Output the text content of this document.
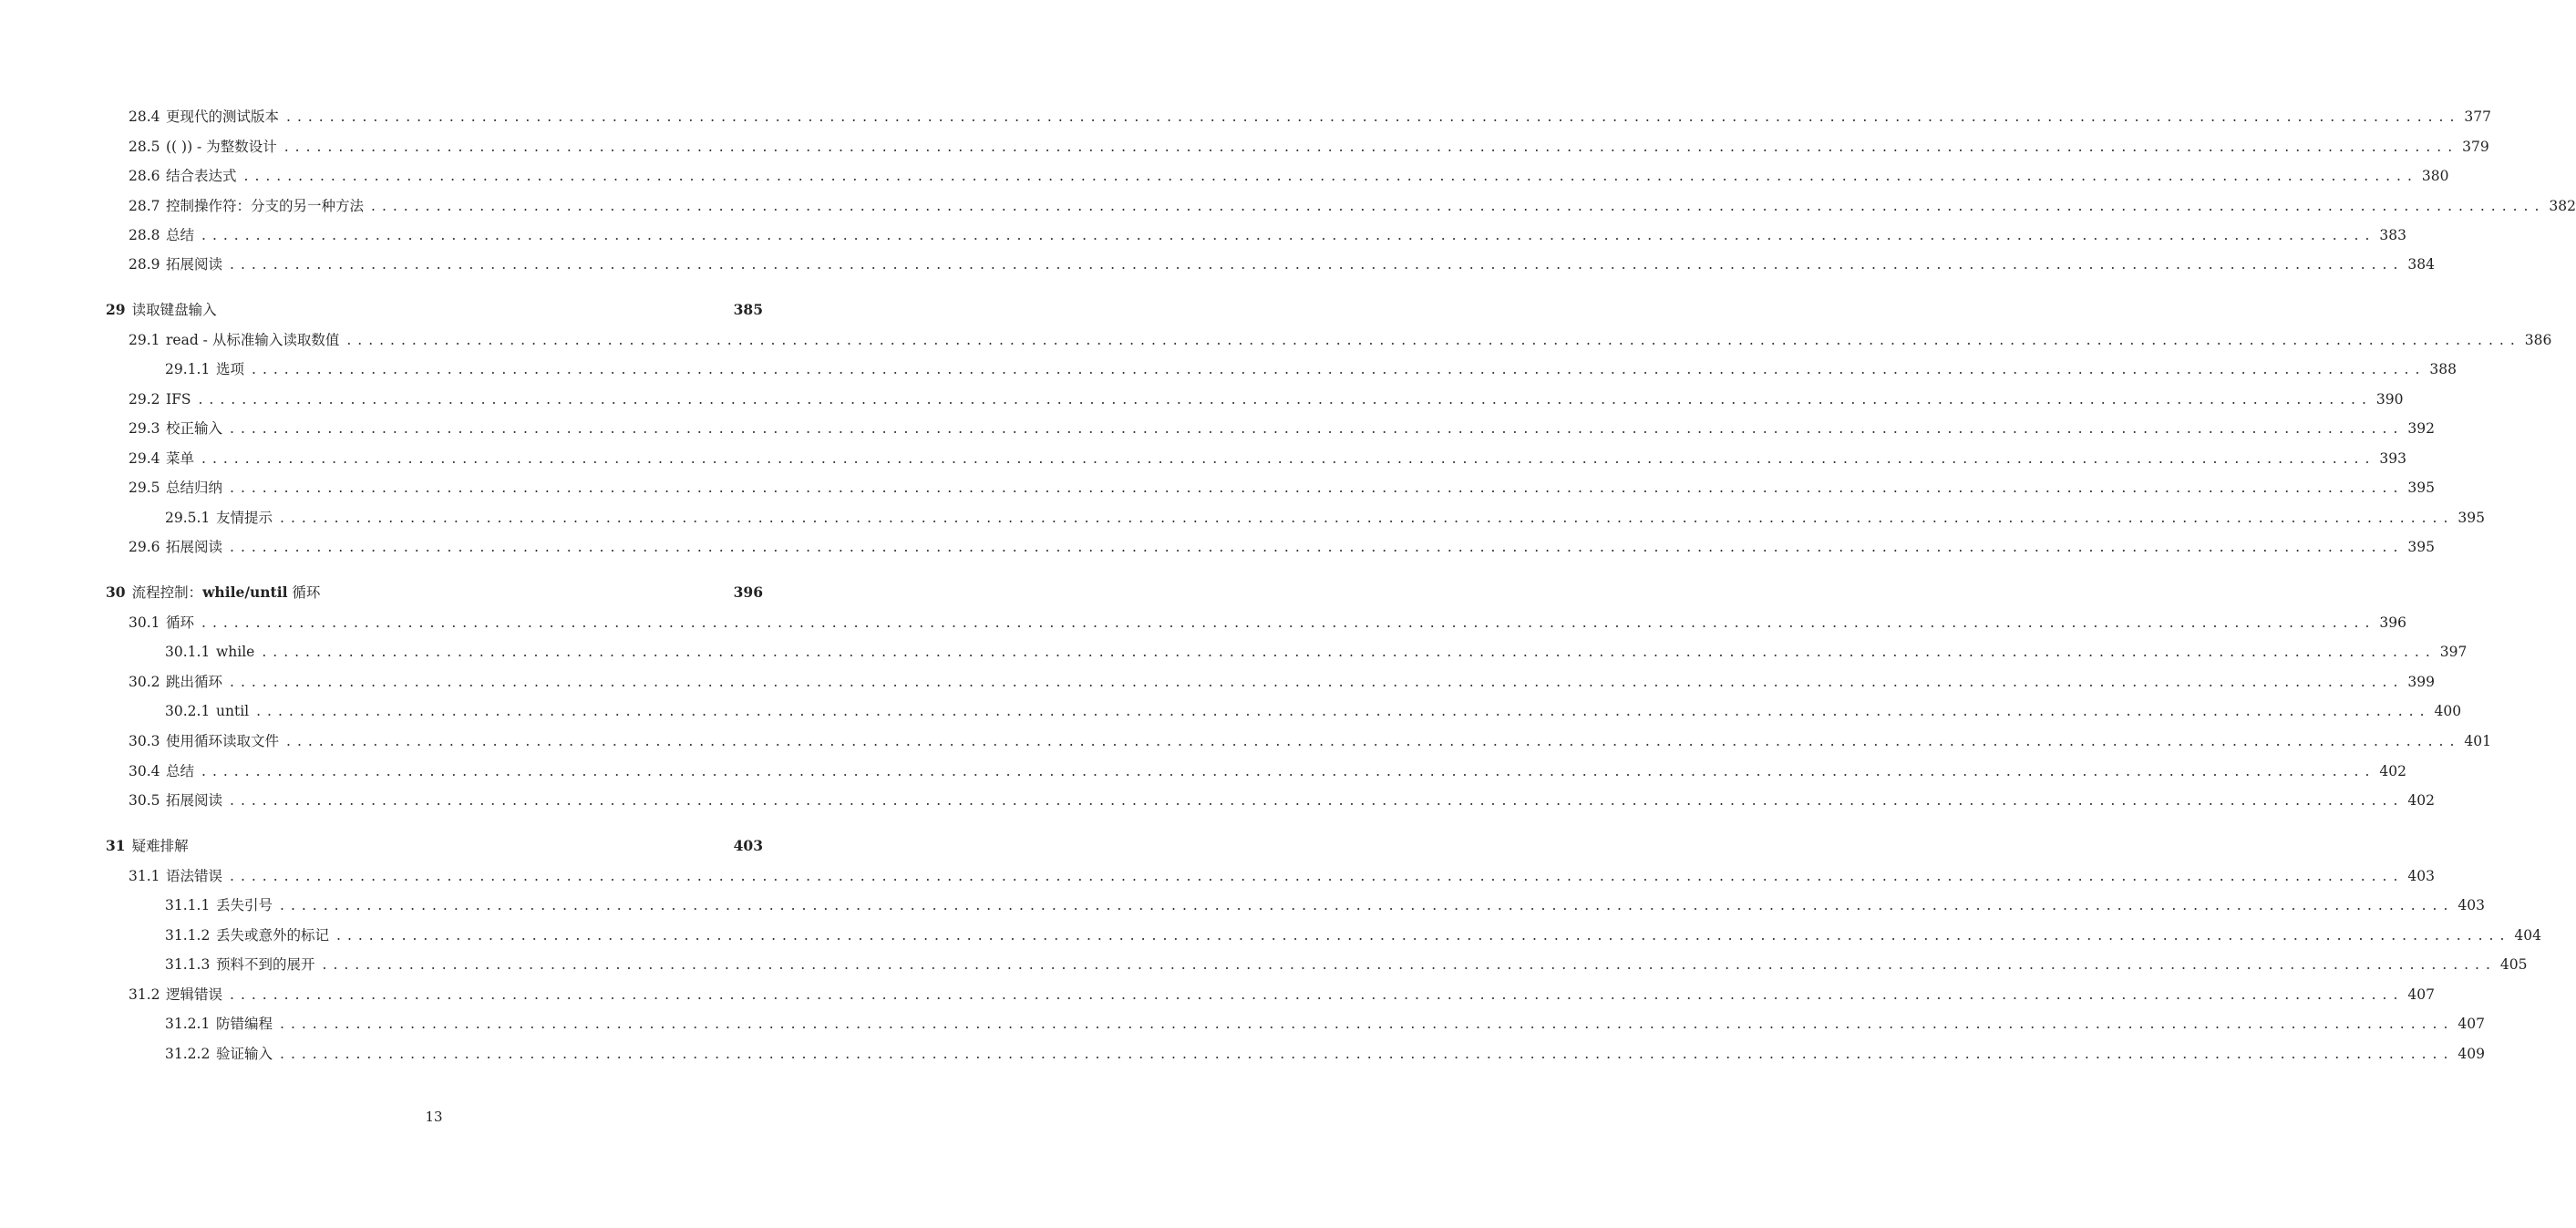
28.4 更现代的测试版本 ........................................................................................................................................................................................................ 377
28.5 (( )) - 为整数设计 ........................................................................................................................................................................................................ 379
28.6 结合表达式 ........................................................................................................................................................................................................ 380
28.7 控制操作符：分支的另一种方法 ........................................................................................................................................................................................................ 382
28.8 总结 ........................................................................................................................................................................................................ 383
28.9 拓展阅读 ........................................................................................................................................................................................................ 384
29 读取键盘输入	385
29.1 read - 从标准输入读取数值 ........................................................................................................................................................................................................ 386
29.1.1 选项 ........................................................................................................................................................................................................ 388
29.2 IFS ........................................................................................................................................................................................................ 390
29.3 校正输入 ........................................................................................................................................................................................................ 392
29.4 菜单 ........................................................................................................................................................................................................ 393
29.5 总结归纳 ........................................................................................................................................................................................................ 395
29.5.1 友情提示 ........................................................................................................................................................................................................ 395
29.6 拓展阅读 ........................................................................................................................................................................................................ 395
30 流程控制：while/until 循环	396
30.1 循环 ........................................................................................................................................................................................................ 396
30.1.1 while ........................................................................................................................................................................................................ 397
30.2 跳出循环 ........................................................................................................................................................................................................ 399
30.2.1 until ........................................................................................................................................................................................................ 400
30.3 使用循环读取文件 ........................................................................................................................................................................................................ 401
30.4 总结 ........................................................................................................................................................................................................ 402
30.5 拓展阅读 ........................................................................................................................................................................................................ 402
31 疑难排解	403
31.1 语法错误 ........................................................................................................................................................................................................ 403
31.1.1 丢失引号 ........................................................................................................................................................................................................ 403
31.1.2 丢失或意外的标记 ........................................................................................................................................................................................................ 404
31.1.3 预料不到的展开 ........................................................................................................................................................................................................ 405
31.2 逻辑错误 ........................................................................................................................................................................................................ 407
31.2.1 防错编程 ........................................................................................................................................................................................................ 407
31.2.2 验证输入 ........................................................................................................................................................................................................ 409
13
